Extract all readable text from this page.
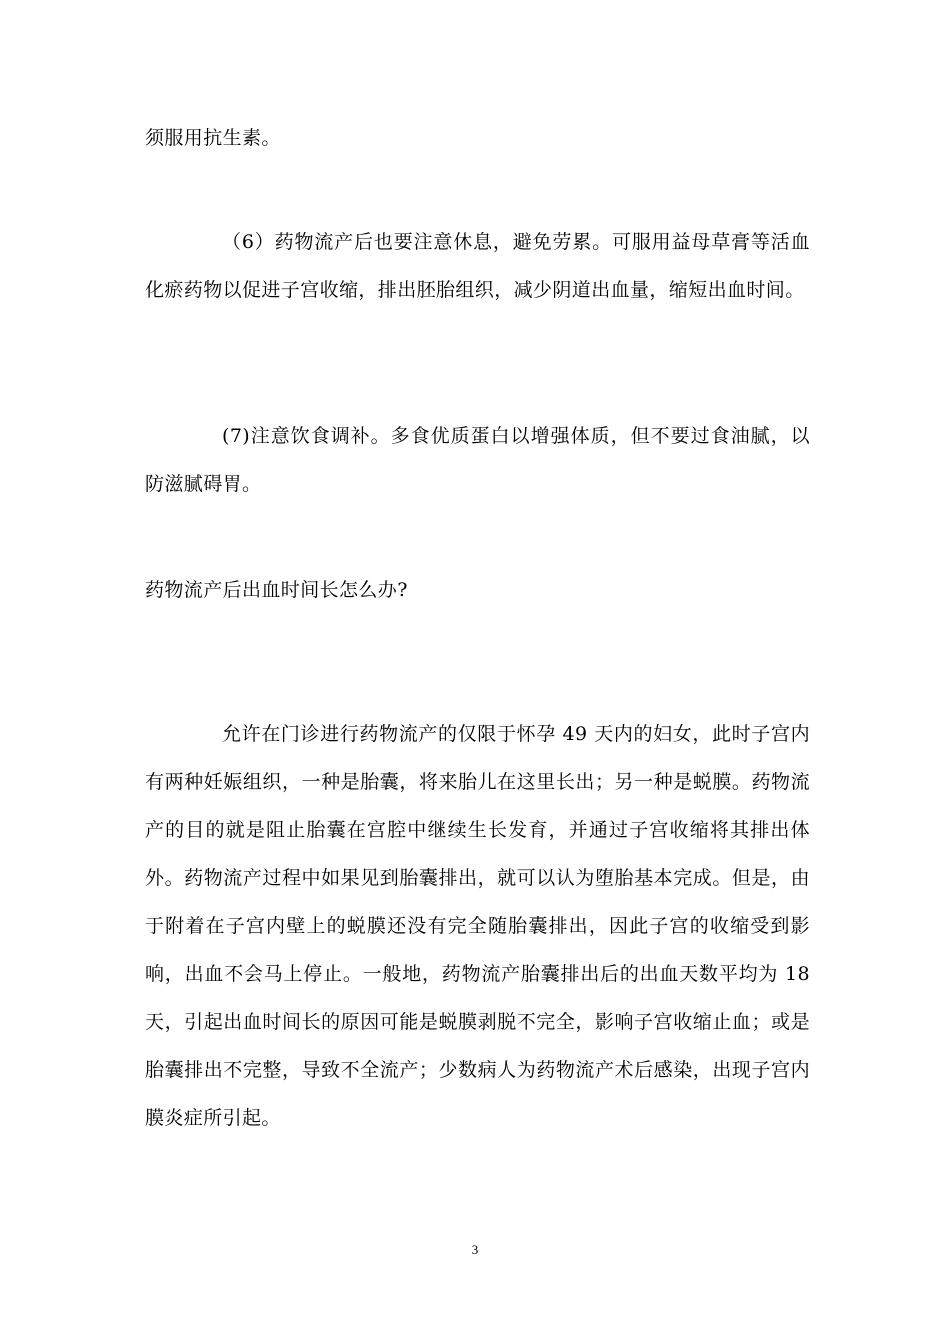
须服用抗生素。

（6）药物流产后也要注意休息，避免劳累。可服用益母草膏等活血化瘀药物以促进子宫收缩，排出胚胎组织，减少阴道出血量，缩短出血时间。

(7)注意饮食调补。多食优质蛋白以增强体质，但不要过食油腻，以防滋腻碍胃。

药物流产后出血时间长怎么办?

允许在门诊进行药物流产的仅限于怀孕 49 天内的妇女，此时子宫内有两种妊娠组织，一种是胎囊，将来胎儿在这里长出；另一种是蜕膜。药物流产的目的就是阻止胎囊在宫腔中继续生长发育，并通过子宫收缩将其排出体外。药物流产过程中如果见到胎囊排出，就可以认为堕胎基本完成。但是，由于附着在子宫内壁上的蜕膜还没有完全随胎囊排出，因此子宫的收缩受到影响，出血不会马上停止。一般地，药物流产胎囊排出后的出血天数平均为 18 天，引起出血时间长的原因可能是蜕膜剥脱不完全，影响子宫收缩止血；或是胎囊排出不完整，导致不全流产；少数病人为药物流产术后感染，出现子宫内膜炎症所引起。

3
